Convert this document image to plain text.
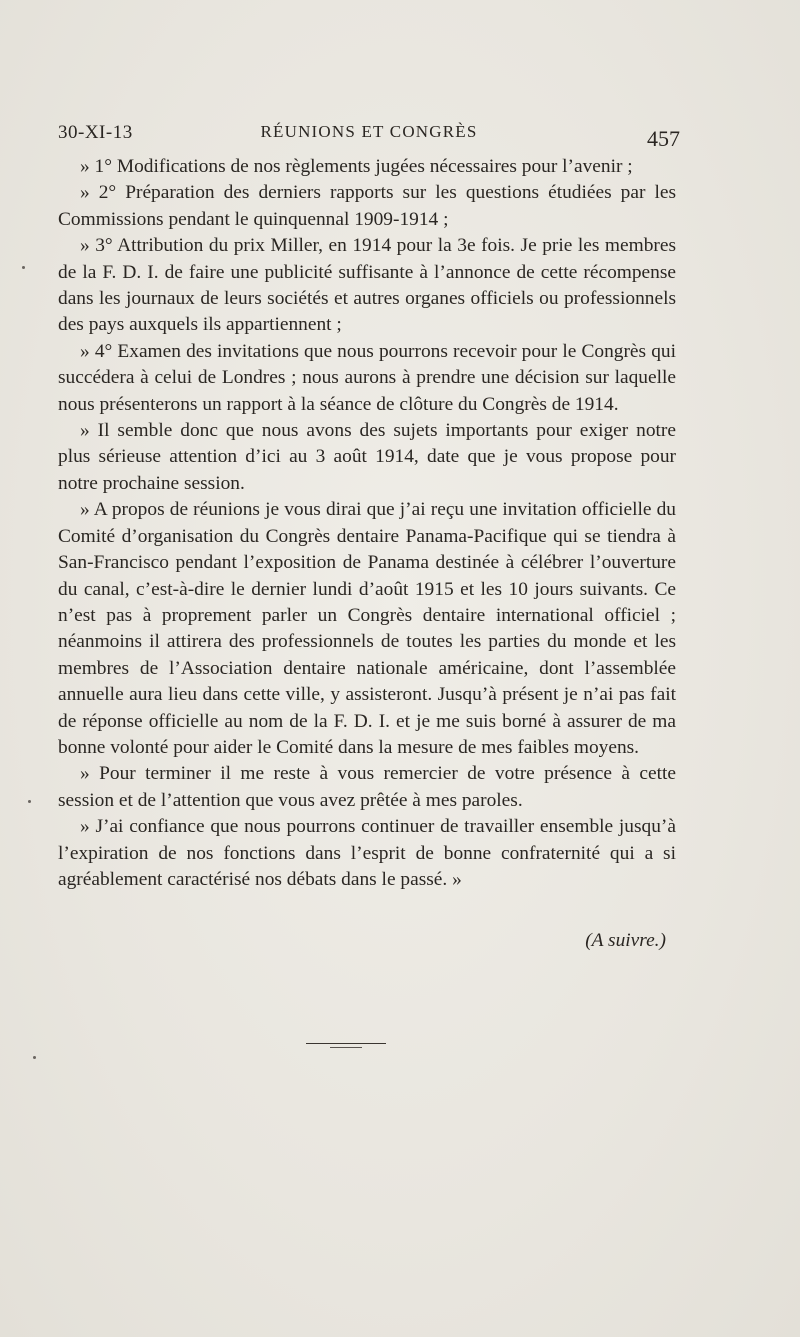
30-XI-13	RÉUNIONS ET CONGRÈS	457

» 1° Modifications de nos règlements jugées nécessaires pour l’avenir ;

» 2° Préparation des derniers rapports sur les questions étudiées par les Commissions pendant le quinquennal 1909-1914 ;

» 3° Attribution du prix Miller, en 1914 pour la 3e fois. Je prie les membres de la F. D. I. de faire une publicité suffisante à l’annonce de cette récompense dans les journaux de leurs sociétés et autres organes officiels ou professionnels des pays auxquels ils appartiennent ;

» 4° Examen des invitations que nous pourrons recevoir pour le Congrès qui succédera à celui de Londres ; nous aurons à prendre une décision sur laquelle nous présenterons un rapport à la séance de clôture du Congrès de 1914.

» Il semble donc que nous avons des sujets importants pour exiger notre plus sérieuse attention d’ici au 3 août 1914, date que je vous propose pour notre prochaine session.

» A propos de réunions je vous dirai que j’ai reçu une invitation officielle du Comité d’organisation du Congrès dentaire Panama-Pacifique qui se tiendra à San-Francisco pendant l’exposition de Panama destinée à célébrer l’ouverture du canal, c’est-à-dire le dernier lundi d’août 1915 et les 10 jours suivants. Ce n’est pas à proprement parler un Congrès dentaire international officiel ; néanmoins il attirera des professionnels de toutes les parties du monde et les membres de l’Association dentaire nationale américaine, dont l’assemblée annuelle aura lieu dans cette ville, y assisteront. Jusqu’à présent je n’ai pas fait de réponse officielle au nom de la F. D. I. et je me suis borné à assurer de ma bonne volonté pour aider le Comité dans la mesure de mes faibles moyens.

» Pour terminer il me reste à vous remercier de votre présence à cette session et de l’attention que vous avez prêtée à mes paroles.

» J’ai confiance que nous pourrons continuer de travailler ensemble jusqu’à l’expiration de nos fonctions dans l’esprit de bonne confraternité qui a si agréablement caractérisé nos débats dans le passé. »

(A suivre.)
